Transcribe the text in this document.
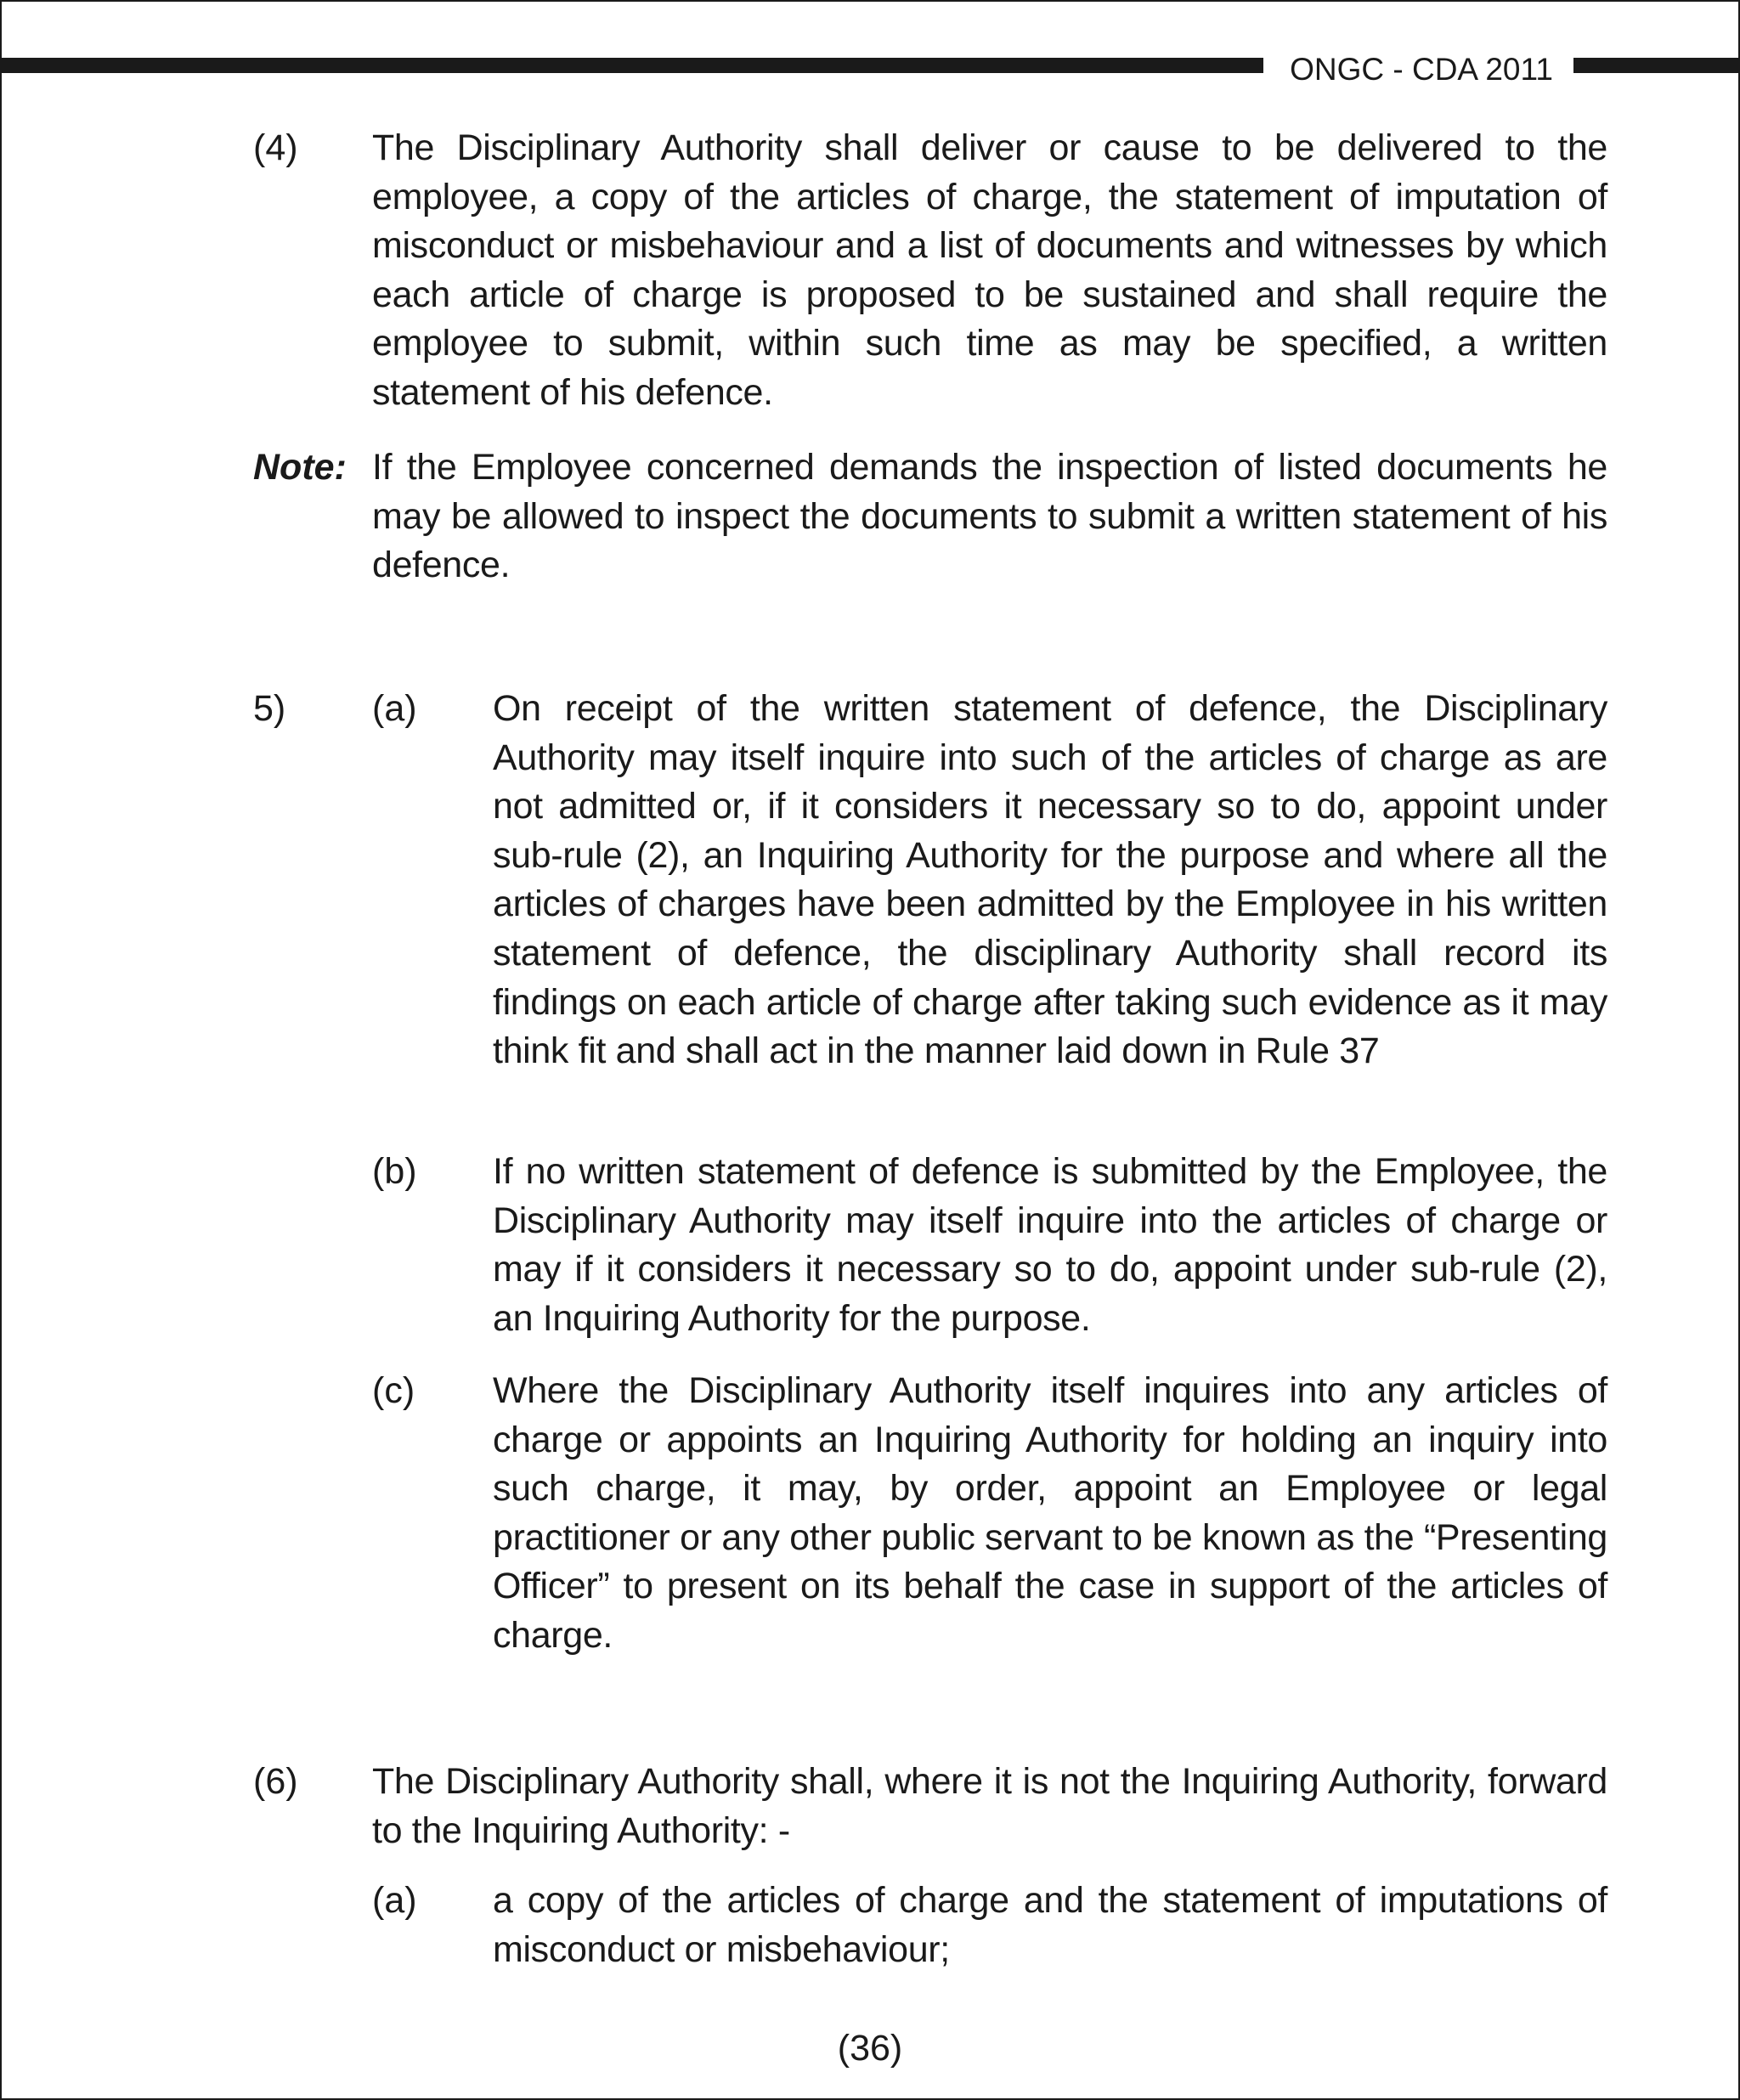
ONGC - CDA 2011
(4) The Disciplinary Authority shall deliver or cause to be delivered to the employee, a copy of the articles of charge, the statement of imputation of misconduct or misbehaviour and a list of documents and witnesses by which each article of charge is proposed to be sustained and shall require the employee to submit, within such time as may be specified, a written statement of his defence.
Note: If the Employee concerned demands the inspection of listed documents he may be allowed to inspect the documents to submit a written statement of his defence.
5) (a) On receipt of the written statement of defence, the Disciplinary Authority may itself inquire into such of the articles of charge as are not admitted or, if it considers it necessary so to do, appoint under sub-rule (2), an Inquiring Authority for the purpose and where all the articles of charges have been admitted by the Employee in his written statement of defence, the disciplinary Authority shall record its findings on each article of charge after taking such evidence as it may think fit and shall act in the manner laid down in Rule 37
(b) If no written statement of defence is submitted by the Employee, the Disciplinary Authority may itself inquire into the articles of charge or may if it considers it necessary so to do, appoint under sub-rule (2), an Inquiring Authority for the purpose.
(c) Where the Disciplinary Authority itself inquires into any articles of charge or appoints an Inquiring Authority for holding an inquiry into such charge, it may, by order, appoint an Employee or legal practitioner or any other public servant to be known as the “Presenting Officer” to present on its behalf the case in support of the articles of charge.
(6) The Disciplinary Authority shall, where it is not the Inquiring Authority, forward to the Inquiring Authority: -
(a) a copy of the articles of charge and the statement of imputations of misconduct or misbehaviour;
(36)
